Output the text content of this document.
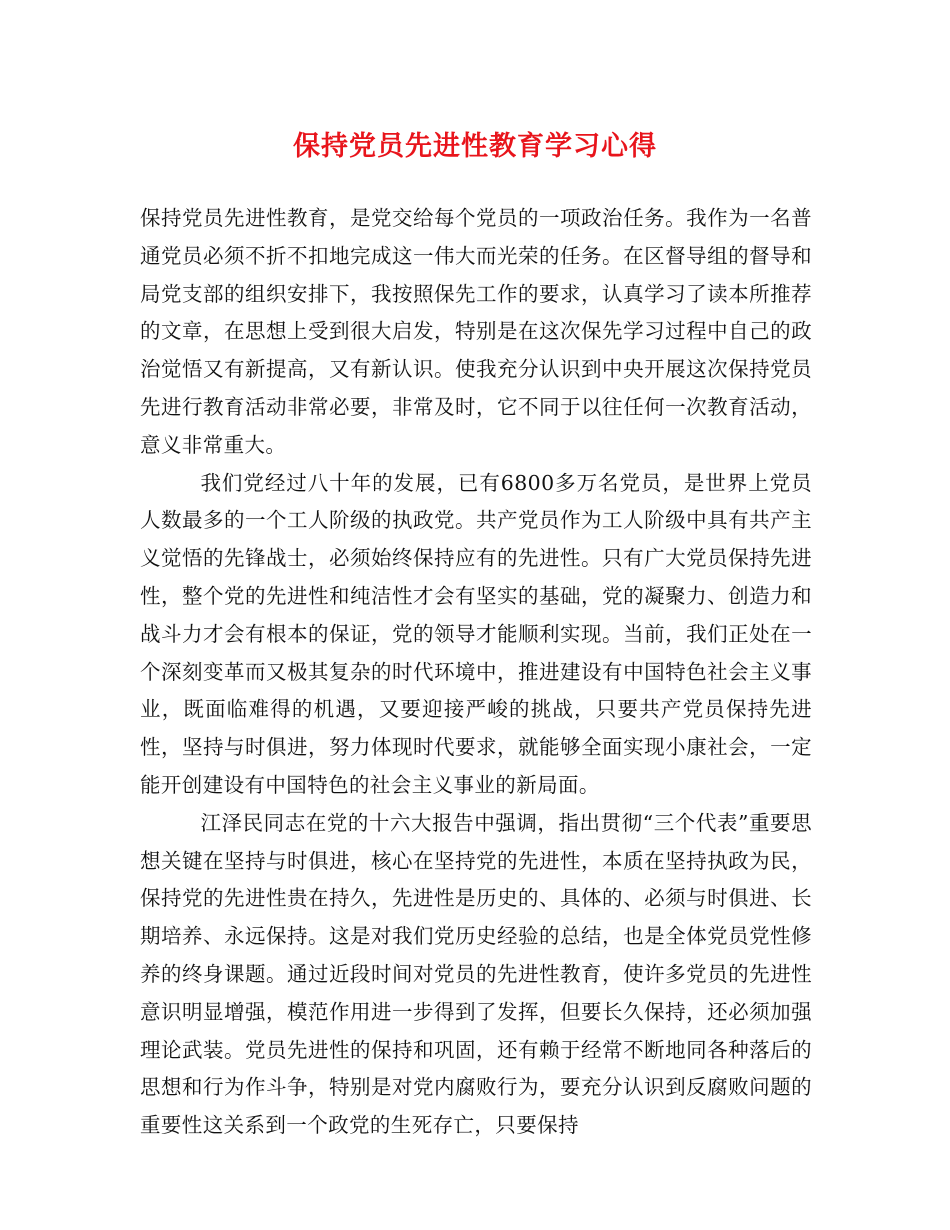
保持党员先进性教育学习心得

保持党员先进性教育，是党交给每个党员的一项政治任务。我作为一名普通党员必须不折不扣地完成这一伟大而光荣的任务。在区督导组的督导和局党支部的组织安排下，我按照保先工作的要求，认真学习了读本所推荐的文章，在思想上受到很大启发，特别是在这次保先学习过程中自己的政治觉悟又有新提高，又有新认识。使我充分认识到中央开展这次保持党员先进行教育活动非常必要，非常及时，它不同于以往任何一次教育活动，意义非常重大。

我们党经过八十年的发展，已有6800多万名党员，是世界上党员人数最多的一个工人阶级的执政党。共产党员作为工人阶级中具有共产主义觉悟的先锋战士，必须始终保持应有的先进性。只有广大党员保持先进性，整个党的先进性和纯洁性才会有坚实的基础，党的凝聚力、创造力和战斗力才会有根本的保证，党的领导才能顺利实现。当前，我们正处在一个深刻变革而又极其复杂的时代环境中，推进建设有中国特色社会主义事业，既面临难得的机遇，又要迎接严峻的挑战，只要共产党员保持先进性，坚持与时俱进，努力体现时代要求，就能够全面实现小康社会，一定能开创建设有中国特色的社会主义事业的新局面。

江泽民同志在党的十六大报告中强调，指出贯彻“三个代表”重要思想关键在坚持与时俱进，核心在坚持党的先进性，本质在坚持执政为民，保持党的先进性贵在持久，先进性是历史的、具体的、必须与时俱进、长期培养、永远保持。这是对我们党历史经验的总结，也是全体党员党性修养的终身课题。通过近段时间对党员的先进性教育，使许多党员的先进性意识明显增强，模范作用进一步得到了发挥，但要长久保持，还必须加强理论武装。党员先进性的保持和巩固，还有赖于经常不断地同各种落后的思想和行为作斗争，特别是对党内腐败行为，要充分认识到反腐败问题的重要性这关系到一个政党的生死存亡，只要保持
